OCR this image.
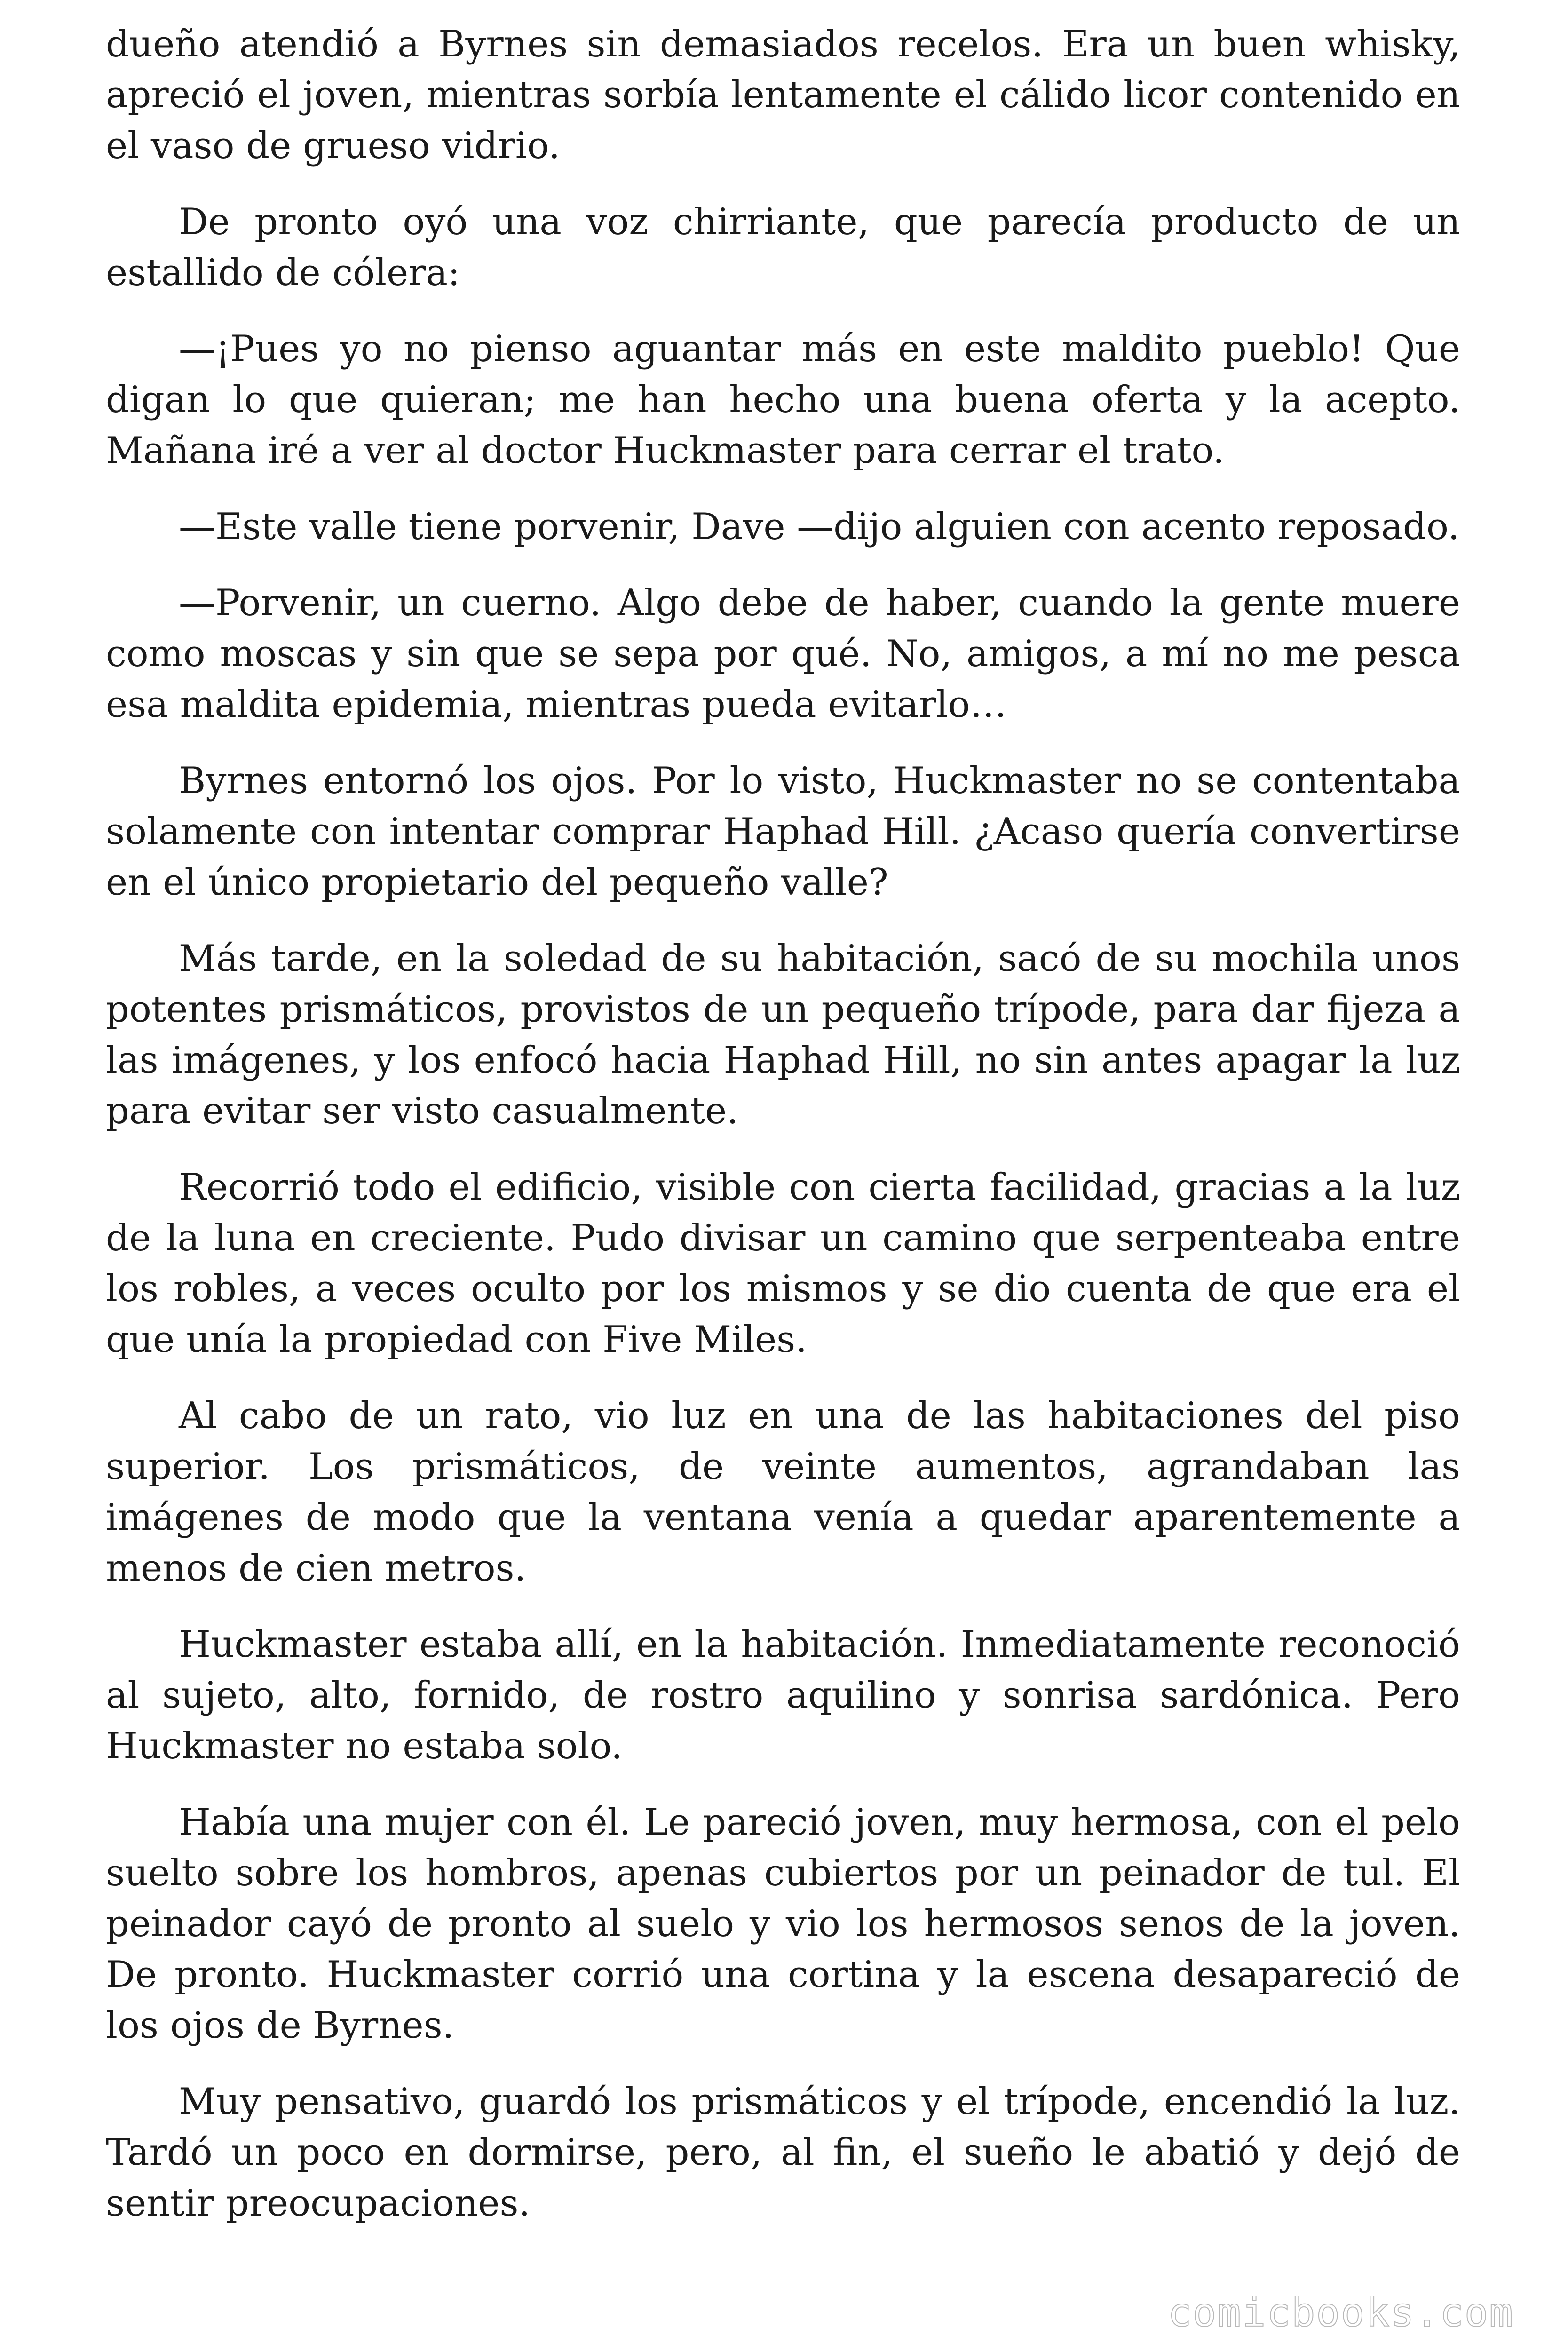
dueño atendió a Byrnes sin demasiados recelos. Era un buen whisky, apreció el joven, mientras sorbía lentamente el cálido licor contenido en el vaso de grueso vidrio.

De pronto oyó una voz chirriante, que parecía producto de un estallido de cólera:

—¡Pues yo no pienso aguantar más en este maldito pueblo! Que digan lo que quieran; me han hecho una buena oferta y la acepto. Mañana iré a ver al doctor Huckmaster para cerrar el trato.

—Este valle tiene porvenir, Dave —dijo alguien con acento reposado.

—Porvenir, un cuerno. Algo debe de haber, cuando la gente muere como moscas y sin que se sepa por qué. No, amigos, a mí no me pesca esa maldita epidemia, mientras pueda evitarlo…

Byrnes entornó los ojos. Por lo visto, Huckmaster no se contentaba solamente con intentar comprar Haphad Hill. ¿Acaso quería convertirse en el único propietario del pequeño valle?

Más tarde, en la soledad de su habitación, sacó de su mochila unos potentes prismáticos, provistos de un pequeño trípode, para dar fijeza a las imágenes, y los enfocó hacia Haphad Hill, no sin antes apagar la luz para evitar ser visto casualmente.

Recorrió todo el edificio, visible con cierta facilidad, gracias a la luz de la luna en creciente. Pudo divisar un camino que serpenteaba entre los robles, a veces oculto por los mismos y se dio cuenta de que era el que unía la propiedad con Five Miles.

Al cabo de un rato, vio luz en una de las habitaciones del piso superior. Los prismáticos, de veinte aumentos, agrandaban las imágenes de modo que la ventana venía a quedar aparentemente a menos de cien metros.

Huckmaster estaba allí, en la habitación. Inmediatamente reconoció al sujeto, alto, fornido, de rostro aquilino y sonrisa sardónica. Pero Huckmaster no estaba solo.

Había una mujer con él. Le pareció joven, muy hermosa, con el pelo suelto sobre los hombros, apenas cubiertos por un peinador de tul. El peinador cayó de pronto al suelo y vio los hermosos senos de la joven. De pronto. Huckmaster corrió una cortina y la escena desapareció de los ojos de Byrnes.

Muy pensativo, guardó los prismáticos y el trípode, encendió la luz. Tardó un poco en dormirse, pero, al fin, el sueño le abatió y dejó de sentir preocupaciones.

comicbooks.com
